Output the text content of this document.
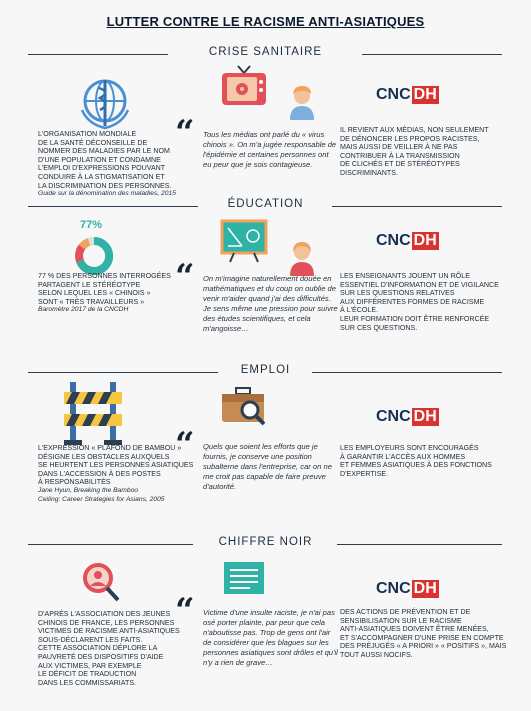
LUTTER CONTRE LE RACISME ANTI-ASIATIQUES
CRISE SANITAIRE
L'ORGANISATION MONDIALE
DE LA SANTÉ DÉCONSEILLE DE
NOMMER DES MALADIES PAR LE NOM
D'UNE POPULATION ET CONDAMNE
L'EMPLOI D'EXPRESSIONS POUVANT
CONDUIRE À LA STIGMATISATION ET
LA DISCRIMINATION DES PERSONNES.
Guide sur la dénomination des maladies, 2015
“ Tous les médias ont parlé du « virus chinois ». On m'a jugée responsable de l'épidémie et certaines personnes ont eu peur que je sois contagieuse.
CNC DH
IL REVIENT AUX MÉDIAS, NON SEULEMENT
DE DÉNONCER LES PROPOS RACISTES,
MAIS AUSSI DE VEILLER À NE PAS
CONTRIBUER À LA TRANSMISSION
DE CLICHÉS ET DE STÉRÉOTYPES
DISCRIMINANTS.
ÉDUCATION
77%
77 % DES PERSONNES INTERROGÉES
PARTAGENT LE STÉRÉOTYPE
SELON LEQUEL LES « CHINOIS »
SONT « TRÈS TRAVAILLEURS »
Baromètre 2017 de la CNCDH
“ On m'imagine naturellement douée en mathématiques et du coup on oublie de venir m'aider quand j'ai des difficultés. Je sens même une pression pour suivre des études scientifiques, et cela m'angoisse…
CNC DH
LES ENSEIGNANTS JOUENT UN RÔLE
ESSENTIEL D'INFORMATION ET DE VIGILANCE
SUR LES QUESTIONS RELATIVES
AUX DIFFÉRENTES FORMES DE RACISME
À L'ÉCOLE.
LEUR FORMATION DOIT ÊTRE RENFORCÉE
SUR CES QUESTIONS.
EMPLOI
L'EXPRESSION « PLAFOND DE BAMBOU »
DÉSIGNE LES OBSTACLES AUXQUELS
SE HEURTENT LES PERSONNES ASIATIQUES
DANS L'ACCESSION À DES POSTES
À RESPONSABILITÉS
Jane Hyun, Breaking the Bamboo
Ceiling: Career Strategies for Asians, 2005
“ Quels que soient les efforts que je fournis, je conserve une position subalterne dans l'entreprise, car on ne me croit pas capable de faire preuve d'autorité.
CNC DH
LES EMPLOYEURS SONT ENCOURAGÉS
À GARANTIR L'ACCÈS AUX HOMMES
ET FEMMES ASIATIQUES À DES FONCTIONS
D'EXPERTISE.
CHIFFRE NOIR
D'APRÈS L'ASSOCIATION DES JEUNES
CHINOIS DE FRANCE, LES PERSONNES
VICTIMES DE RACISME ANTI-ASIATIQUES
SOUS-DÉCLARENT LES FAITS.
CETTE ASSOCIATION DÉPLORE LA
PAUVRETÉ DES DISPOSITIFS D'AIDE
AUX VICTIMES, PAR EXEMPLE
LE DÉFICIT DE TRADUCTION
DANS LES COMMISSARIATS.
“ Victime d'une insulte raciste, je n'ai pas osé porter plainte, par peur que cela n'aboutisse pas. Trop de gens ont l'air de considérer que les blagues sur les personnes asiatiques sont drôles et qu'il n'y a rien de grave…
CNC DH
DES ACTIONS DE PRÉVENTION ET DE
SENSIBILISATION SUR LE RACISME
ANTI-ASIATIQUES DOIVENT ÊTRE MENÉES,
ET S'ACCOMPAGNER D'UNE PRISE EN COMPTE
DES PRÉJUGÉS « A PRIORI » « POSITIFS », MAIS
TOUT AUSSI NOCIFS.
